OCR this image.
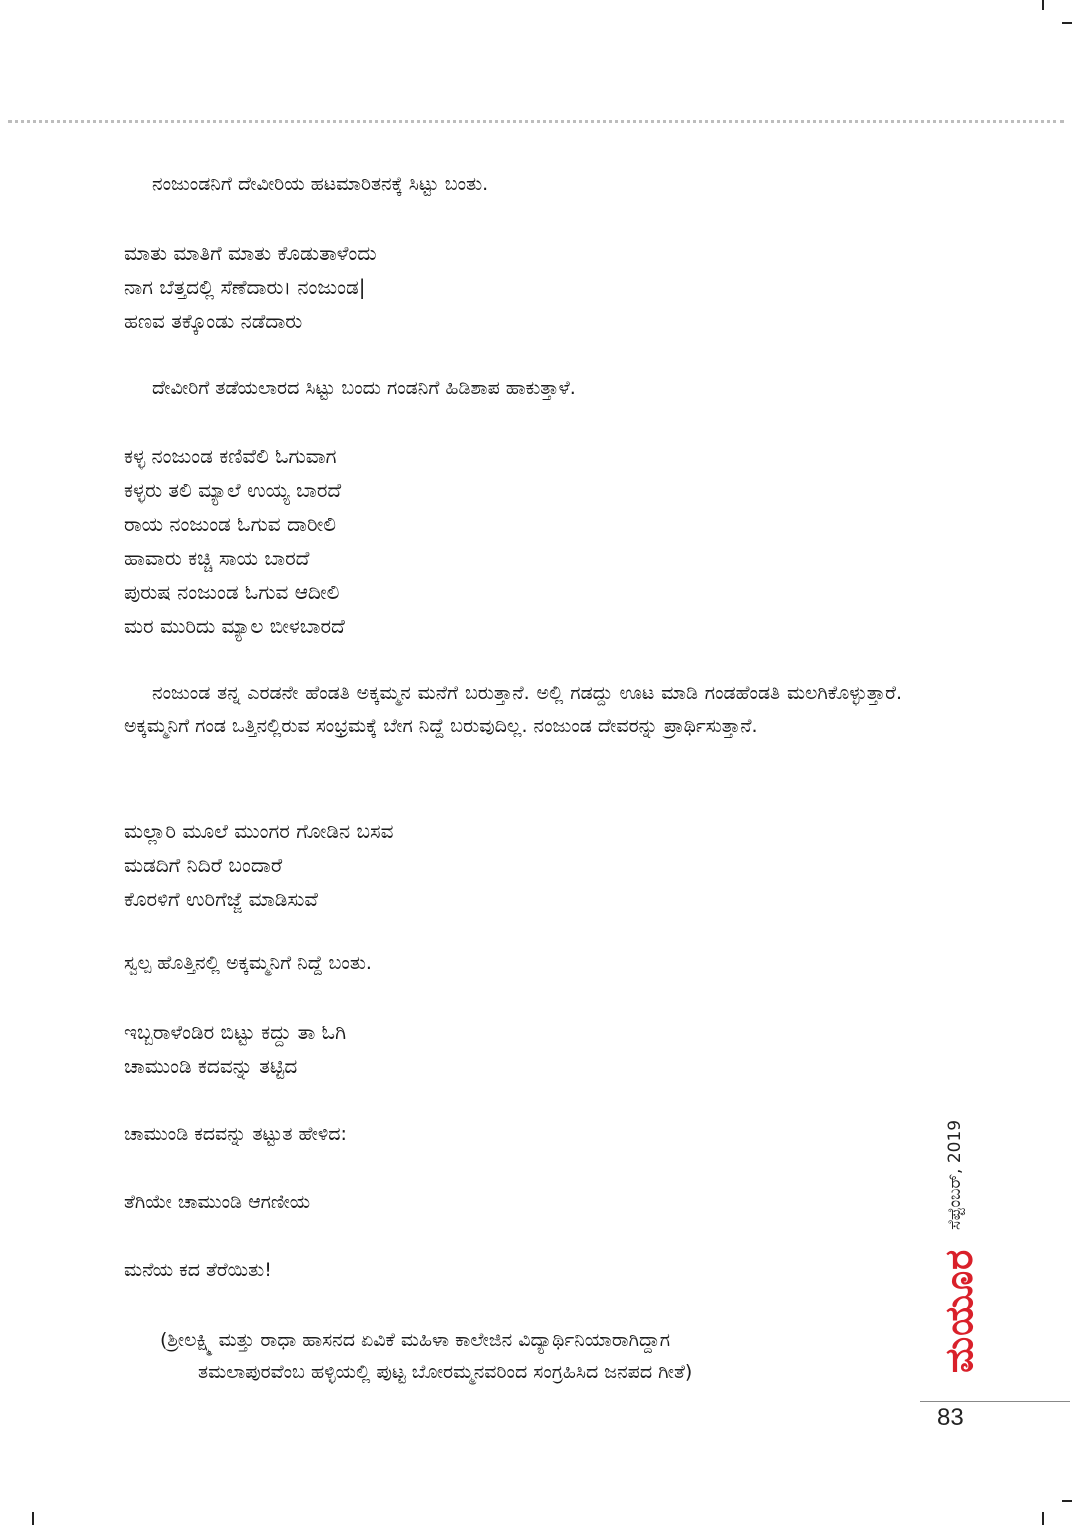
ನಂಜುಂಡನಿಗೆ ದೇವೀರಿಯ ಹಟಮಾರಿತನಕ್ಕೆ ಸಿಟ್ಟು ಬಂತು.

ಮಾತು ಮಾತಿಗೆ ಮಾತು ಕೊಡುತಾಳೆಂದು
ನಾಗ ಬೆತ್ತದಲ್ಲಿ ಸೆಣೆದಾರು। ನಂಜುಂಡ|
ಹಣವ ತಕ್ಕೊಂಡು ನಡೆದಾರು

ದೇವೀರಿಗೆ ತಡೆಯಲಾರದ ಸಿಟ್ಟು ಬಂದು ಗಂಡನಿಗೆ ಹಿಡಿಶಾಪ ಹಾಕುತ್ತಾಳೆ.

ಕಳ್ಳ ನಂಜುಂಡ ಕಣಿವೆಲಿ ಓಗುವಾಗ
ಕಳ್ಳರು ತಲಿ ಮ್ಯಾಲೆ ಉಯ್ಯ ಬಾರದೆ
ರಾಯ ನಂಜುಂಡ ಓಗುವ ದಾರೀಲಿ
ಹಾವಾರು ಕಚ್ಚಿ ಸಾಯ ಬಾರದೆ
ಪುರುಷ ನಂಜುಂಡ ಓಗುವ ಆದೀಲಿ
ಮರ ಮುರಿದು ಮ್ಯಾಲ ಬೀಳಬಾರದೆ

ನಂಜುಂಡ ತನ್ನ ಎರಡನೇ ಹೆಂಡತಿ ಅಕ್ಕಮ್ಮನ ಮನೆಗೆ ಬರುತ್ತಾನೆ. ಅಲ್ಲಿ ಗಡದ್ದು ಊಟ ಮಾಡಿ ಗಂಡಹೆಂಡತಿ ಮಲಗಿಕೊಳ್ಳುತ್ತಾರೆ. ಅಕ್ಕಮ್ಮನಿಗೆ ಗಂಡ ಒತ್ತಿನಲ್ಲಿರುವ ಸಂಭ್ರಮಕ್ಕೆ ಬೇಗ ನಿದ್ದೆ ಬರುವುದಿಲ್ಲ. ನಂಜುಂಡ ದೇವರನ್ನು ಪ್ರಾರ್ಥಿಸುತ್ತಾನೆ.

ಮಲ್ಲಾರಿ ಮೂಲೆ ಮುಂಗರ ಗೋಡಿನ ಬಸವ
ಮಡದಿಗೆ ನಿದಿರೆ ಬಂದಾರೆ
ಕೊರಳಿಗೆ ಉರಿಗೆಜ್ಜೆ ಮಾಡಿಸುವೆ

ಸ್ವಲ್ಪ ಹೊತ್ತಿನಲ್ಲಿ ಅಕ್ಕಮ್ಮನಿಗೆ ನಿದ್ದೆ ಬಂತು.

ಇಬ್ಬರಾಳೆಂಡಿರ ಬಿಟ್ಟು ಕದ್ದು ತಾ ಓಗಿ
ಚಾಮುಂಡಿ ಕದವನ್ನು ತಟ್ಟಿದ

ಚಾಮುಂಡಿ ಕದವನ್ನು ತಟ್ಟುತ ಹೇಳಿದ:

ತೆಗಿಯೇ ಚಾಮುಂಡಿ ಆಗಣೀಯ

ಮನೆಯ ಕದ ತೆರೆಯಿತು!

(ಶ್ರೀಲಕ್ಷ್ಮಿ ಮತ್ತು ರಾಧಾ ಹಾಸನದ ಏವಿಕೆ ಮಹಿಳಾ ಕಾಲೇಜಿನ ವಿದ್ಯಾರ್ಥಿನಿಯಾರಾಗಿದ್ದಾಗ
ತಮಲಾಪುರವೆಂಬ ಹಳ್ಳಿಯಲ್ಲಿ ಪುಟ್ಟ ಬೋರಮ್ಮನವರಿಂದ ಸಂಗ್ರಹಿಸಿದ ಜನಪದ ಗೀತೆ)
ಸೆಪ್ಟೆಂಬರ್, 2019
ಮಯೂರ
83
